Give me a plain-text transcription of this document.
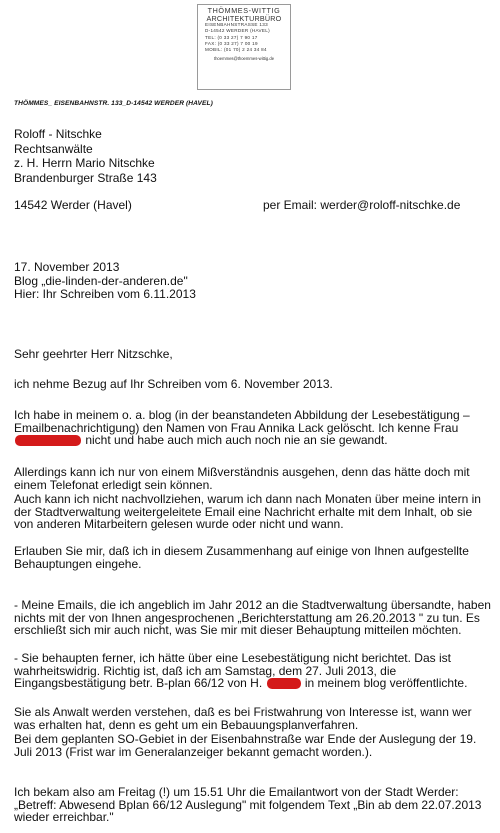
THÖMMES-WITTIG
ARCHITEKTURBÜRO
EISENBAHNSTRASSE 133
D-14542 WERDER (HAVEL)
TEL: (0 33 27) 7 90 17
FAX: (0 33 27) 7 00 19
MOBIL: (01 70) 2 24 34 84
thoemmes@thoemmes-wittig.de
THÖMMES_ EISENBAHNSTR. 133_D-14542 WERDER (HAVEL)
Roloff - Nitschke
Rechtsanwälte
z. H. Herrn Mario Nitschke
Brandenburger Straße 143
14542 Werder (Havel)	per Email: werder@roloff-nitschke.de
17. November 2013
Blog „die-linden-der-anderen.de"
Hier: Ihr Schreiben vom 6.11.2013
Sehr geehrter Herr Nitzschke,
ich nehme Bezug auf Ihr Schreiben vom 6. November 2013.
Ich habe in meinem o. a. blog (in der beanstandeten Abbildung der Lesebestätigung – Emailbenachrichtigung) den Namen von Frau Annika Lack gelöscht. Ich kenne Frau  nicht und habe auch mich auch noch nie an sie gewandt.
Allerdings kann ich nur von einem Mißverständnis ausgehen, denn das hätte doch mit einem Telefonat erledigt sein können.
Auch kann ich nicht nachvollziehen, warum ich dann nach Monaten über meine intern in der Stadtverwaltung weitergeleitete Email eine Nachricht erhalte mit dem Inhalt, ob sie von anderen Mitarbeitern gelesen wurde oder nicht und wann.
Erlauben Sie mir, daß ich in diesem Zusammenhang auf einige von Ihnen aufgestellte Behauptungen eingehe.
- Meine Emails, die ich angeblich im Jahr 2012 an die Stadtverwaltung übersandte, haben nichts mit der von Ihnen angesprochenen „Berichterstattung am 26.20.2013 " zu tun. Es erschließt sich mir auch nicht, was Sie mir mit dieser Behauptung mitteilen möchten.
- Sie behaupten ferner, ich hätte über eine Lesebestätigung nicht berichtet. Das ist wahrheitswidrig. Richtig ist, daß ich am Samstag, dem 27. Juli 2013, die Eingangsbestätigung betr. B-plan 66/12 von H.	in meinem blog veröffentlichte.
Sie als Anwalt werden verstehen, daß es bei Fristwahrung von Interesse ist, wann wer was erhalten hat, denn es geht um ein Bebauungsplanverfahren.
Bei dem geplanten SO-Gebiet in der Eisenbahnstraße war Ende der Auslegung der 19. Juli 2013 (Frist war im Generalanzeiger bekannt gemacht worden.).
Ich bekam also am Freitag (!) um 15.51 Uhr die Emailantwort von der Stadt Werder: „Betreff: Abwesend Bplan 66/12 Auslegung" mit folgendem Text „Bin ab dem 22.07.2013 wieder erreichbar."
